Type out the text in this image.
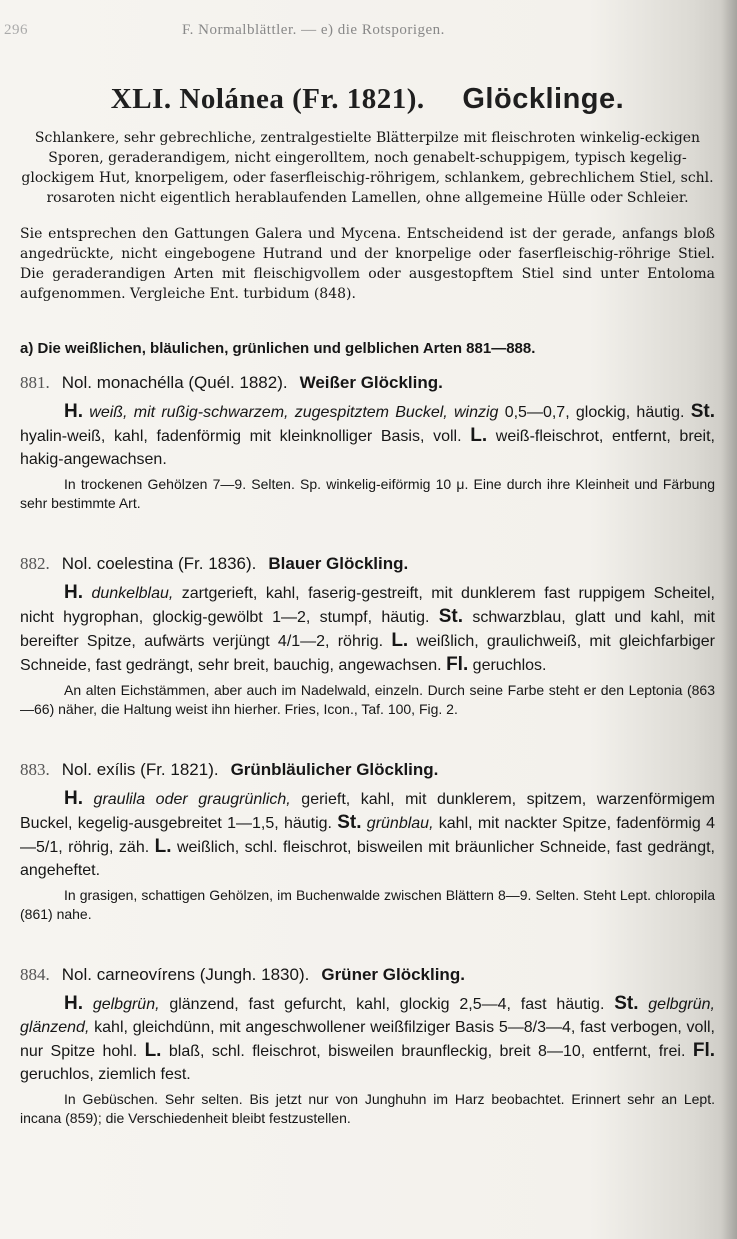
296	F. Normalblättler. — e) die Rotsporigen.
XLI. Nolánea (Fr. 1821). Glöcklinge.

Schlankere, sehr gebrechliche, zentralgestielte Blätterpilze mit fleischroten winkelig-eckigen Sporen, geraderandigem, nicht eingerolltem, noch genabelt-schuppigem, typisch kegelig-glockigem Hut, knorpeligem, oder faserfleischig-röhrigem, schlankem, gebrechlichem Stiel, schl. rosaroten nicht eigentlich herablaufenden Lamellen, ohne allgemeine Hülle oder Schleier.

Sie entsprechen den Gattungen Galera und Mycena. Entscheidend ist der gerade, anfangs bloß angedrückte, nicht eingebogene Hutrand und der knorpelige oder faserfleischig-röhrige Stiel. Die geraderandigen Arten mit fleischigvollem oder ausgestopftem Stiel sind unter Entoloma aufgenommen. Vergleiche Ent. turbidum (848).

a) Die weißlichen, bläulichen, grünlichen und gelblichen Arten 881—888.

881. Nol. monachélla (Quél. 1882). Weißer Glöckling.

H. weiß, mit rußig-schwarzem, zugespitztem Buckel, winzig 0,5—0,7, glockig, häutig. St. hyalin-weiß, kahl, fadenförmig mit kleinknolliger Basis, voll. L. weiß-fleischrot, entfernt, breit, hakig-angewachsen.

In trockenen Gehölzen 7—9. Selten. Sp. winkelig-eiförmig 10 μ. Eine durch ihre Kleinheit und Färbung sehr bestimmte Art.

882. Nol. coelestina (Fr. 1836). Blauer Glöckling.

H. dunkelblau, zartgerieft, kahl, faserig-gestreift, mit dunklerem fast ruppigem Scheitel, nicht hygrophan, glockig-gewölbt 1—2, stumpf, häutig. St. schwarzblau, glatt und kahl, mit bereifter Spitze, aufwärts verjüngt 4/1—2, röhrig. L. weißlich, graulichweiß, mit gleichfarbiger Schneide, fast gedrängt, sehr breit, bauchig, angewachsen. Fl. geruchlos.

An alten Eichstämmen, aber auch im Nadelwald, einzeln. Durch seine Farbe steht er den Leptonia (863—66) näher, die Haltung weist ihn hierher. Fries, Icon., Taf. 100, Fig. 2.

883. Nol. exílis (Fr. 1821). Grünbläulicher Glöckling.

H. graulila oder graugrünlich, gerieft, kahl, mit dunklerem, spitzem, warzenförmigem Buckel, kegelig-ausgebreitet 1—1,5, häutig. St. grünblau, kahl, mit nackter Spitze, fadenförmig 4—5/1, röhrig, zäh. L. weißlich, schl. fleischrot, bisweilen mit bräunlicher Schneide, fast gedrängt, angeheftet.

In grasigen, schattigen Gehölzen, im Buchenwalde zwischen Blättern 8—9. Selten. Steht Lept. chloropila (861) nahe.

884. Nol. carneovírens (Jungh. 1830). Grüner Glöckling.

H. gelbgrün, glänzend, fast gefurcht, kahl, glockig 2,5—4, fast häutig. St. gelbgrün, glänzend, kahl, gleichdünn, mit angeschwollener weißfilziger Basis 5—8/3—4, fast verbogen, voll, nur Spitze hohl. L. blaß, schl. fleischrot, bisweilen braunfleckig, breit 8—10, entfernt, frei. Fl. geruchlos, ziemlich fest.

In Gebüschen. Sehr selten. Bis jetzt nur von Junghuhn im Harz beobachtet. Erinnert sehr an Lept. incana (859); die Verschiedenheit bleibt festzustellen.
